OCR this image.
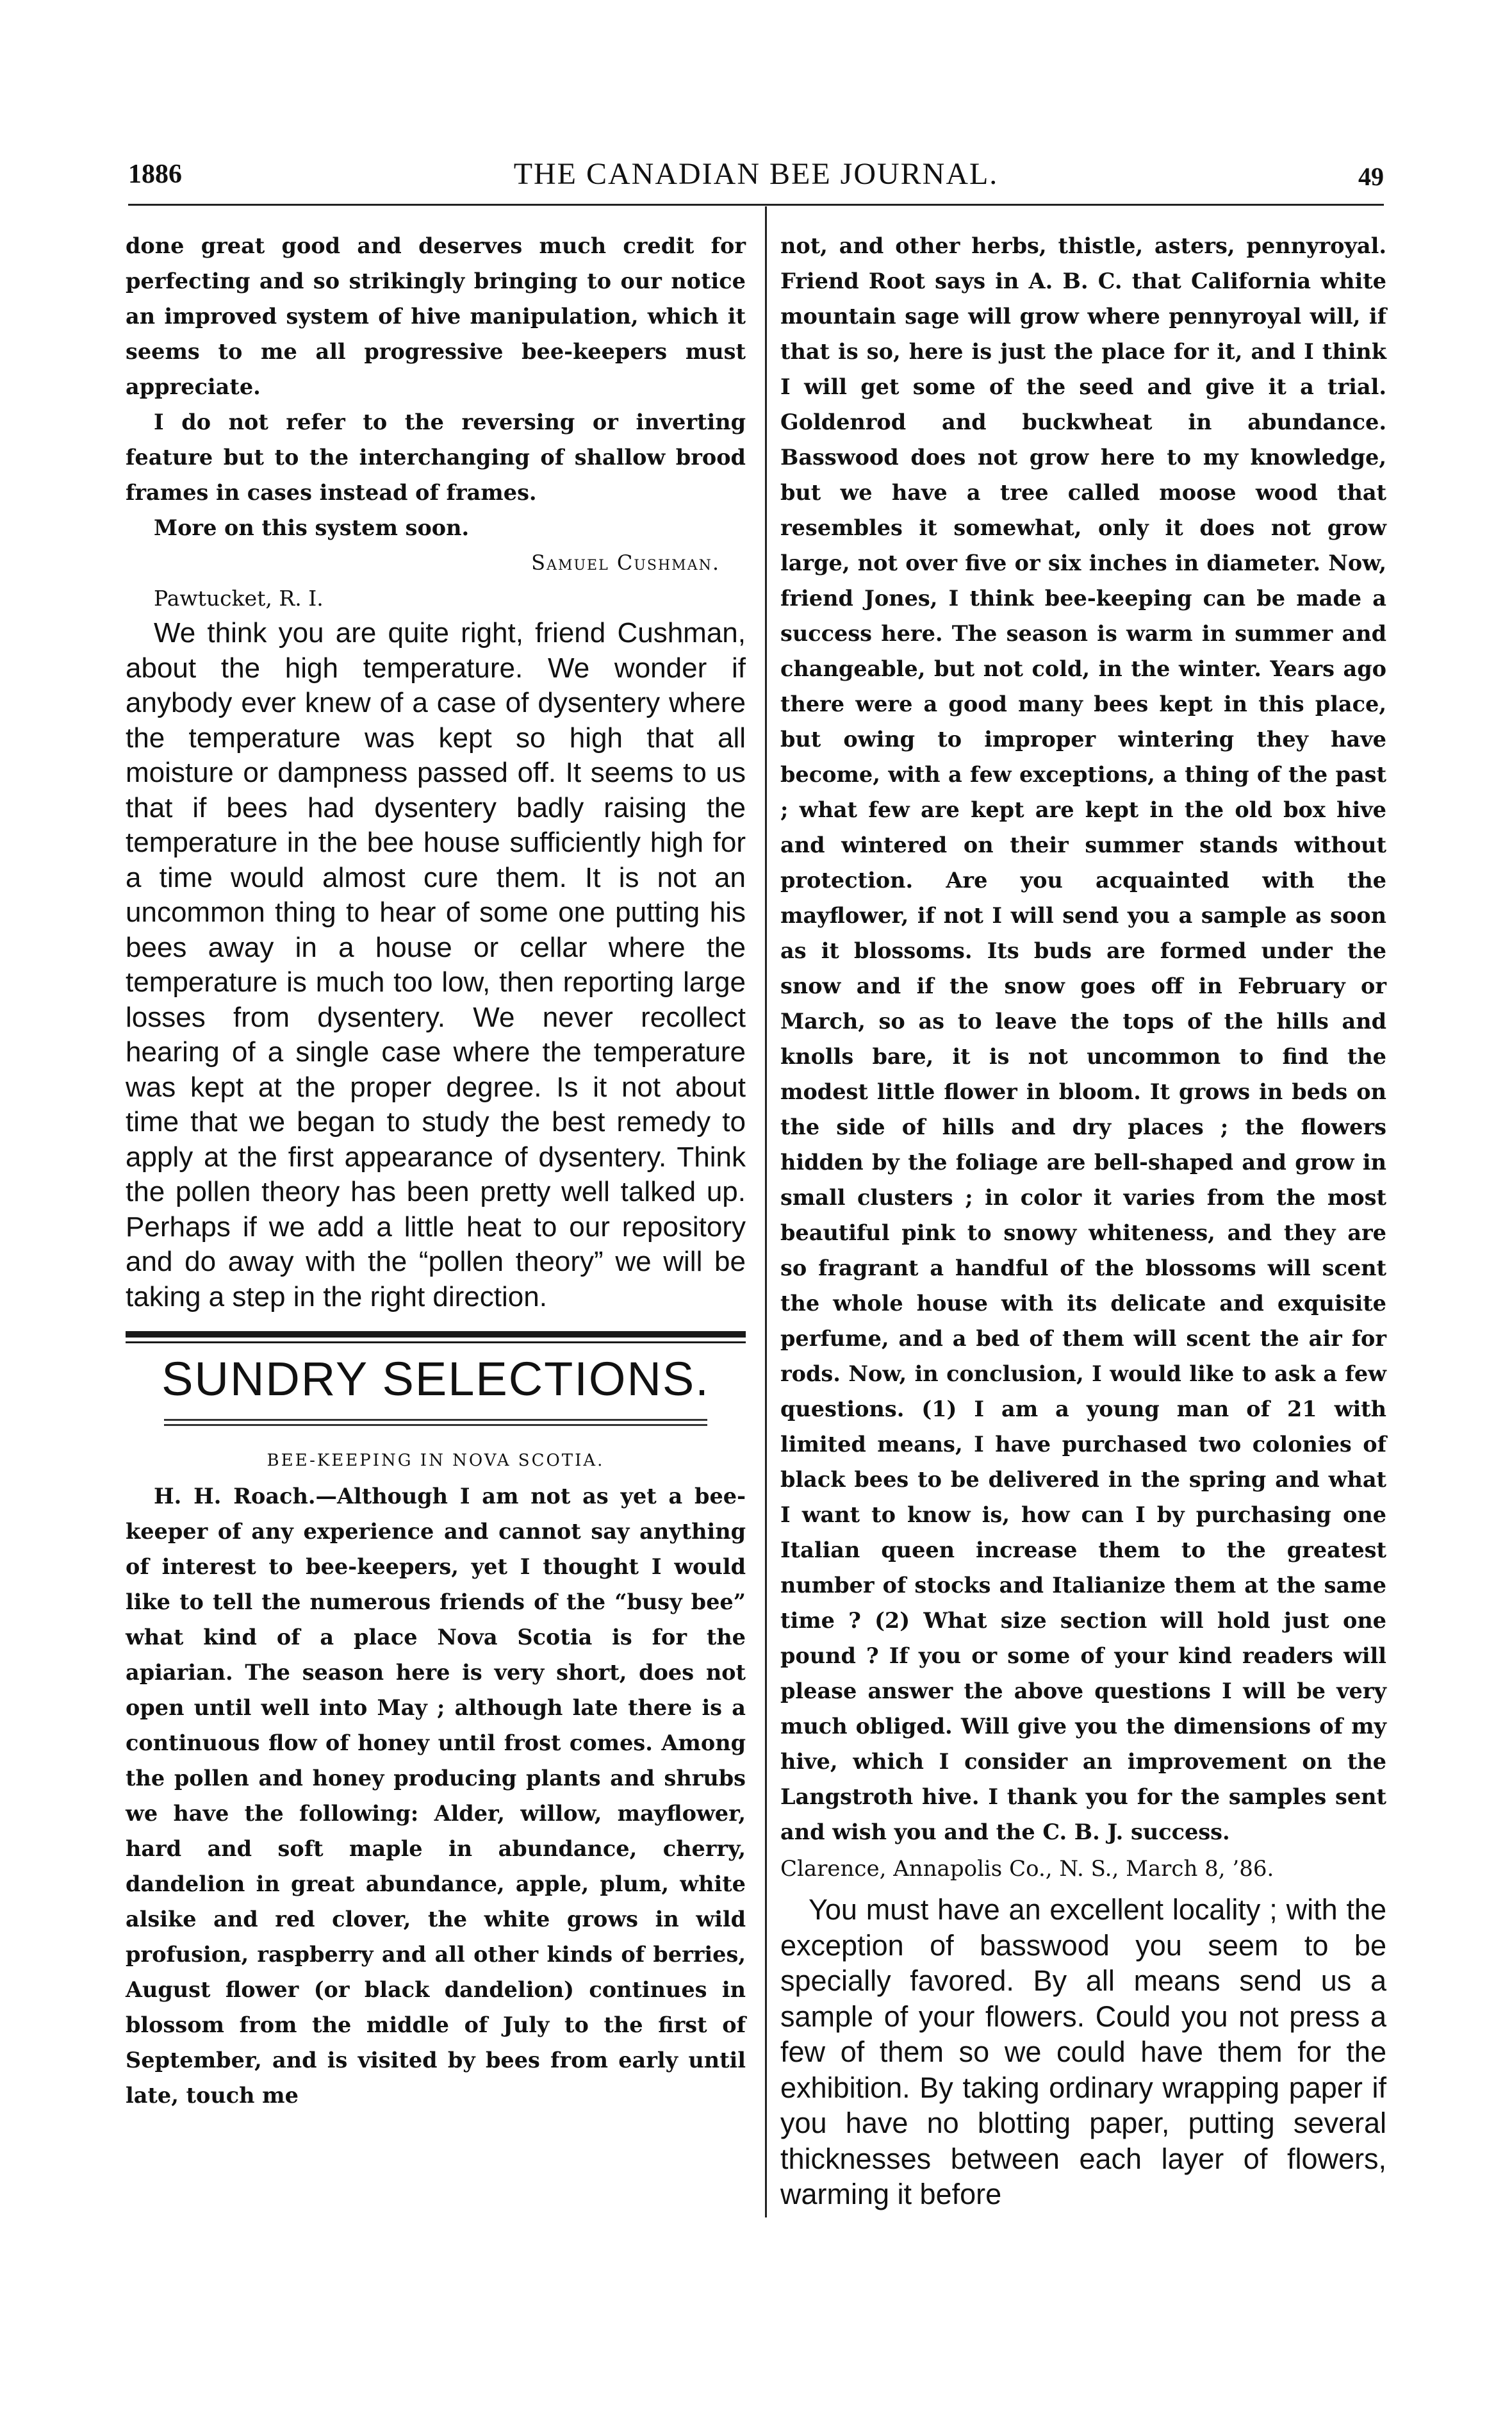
1886	THE CANADIAN BEE JOURNAL.	49

done great good and deserves much credit for perfecting and so strikingly bringing to our notice an improved system of hive manipulation, which it seems to me all progressive bee-keepers must appreciate.

I do not refer to the reversing or inverting feature but to the interchanging of shallow brood frames in cases instead of frames.

More on this system soon.

Samuel Cushman.

Pawtucket, R. I.

We think you are quite right, friend Cushman, about the high temperature. We wonder if anybody ever knew of a case of dysentery where the temperature was kept so high that all moisture or dampness passed off. It seems to us that if bees had dysentery badly raising the temperature in the bee house sufficiently high for a time would almost cure them. It is not an uncommon thing to hear of some one putting his bees away in a house or cellar where the temperature is much too low, then reporting large losses from dysentery. We never recollect hearing of a single case where the temperature was kept at the proper degree. Is it not about time that we began to study the best remedy to apply at the first appearance of dysentery. Think the pollen theory has been pretty well talked up. Perhaps if we add a little heat to our repository and do away with the “pollen theory” we will be taking a step in the right direction.

SUNDRY SELECTIONS.
BEE-KEEPING IN NOVA SCOTIA.

H. H. Roach.—Although I am not as yet a bee-keeper of any experience and cannot say anything of interest to bee-keepers, yet I thought I would like to tell the numerous friends of the “busy bee” what kind of a place Nova Scotia is for the apiarian. The season here is very short, does not open until well into May ; although late there is a continuous flow of honey until frost comes. Among the pollen and honey producing plants and shrubs we have the following: Alder, willow, mayflower, hard and soft maple in abundance, cherry, dandelion in great abundance, apple, plum, white alsike and red clover, the white grows in wild profusion, raspberry and all other kinds of berries, August flower (or black dandelion) continues in blossom from the middle of July to the first of September, and is visited by bees from early until late, touch me

not, and other herbs, thistle, asters, pennyroyal. Friend Root says in A. B. C. that California white mountain sage will grow where pennyroyal will, if that is so, here is just the place for it, and I think I will get some of the seed and give it a trial. Goldenrod and buckwheat in abundance. Basswood does not grow here to my knowledge, but we have a tree called moose wood that resembles it somewhat, only it does not grow large, not over five or six inches in diameter. Now, friend Jones, I think bee-keeping can be made a success here. The season is warm in summer and changeable, but not cold, in the winter. Years ago there were a good many bees kept in this place, but owing to improper wintering they have become, with a few exceptions, a thing of the past ; what few are kept are kept in the old box hive and wintered on their summer stands without protection. Are you acquainted with the mayflower, if not I will send you a sample as soon as it blossoms. Its buds are formed under the snow and if the snow goes off in February or March, so as to leave the tops of the hills and knolls bare, it is not uncommon to find the modest little flower in bloom. It grows in beds on the side of hills and dry places ; the flowers hidden by the foliage are bell-shaped and grow in small clusters ; in color it varies from the most beautiful pink to snowy whiteness, and they are so fragrant a handful of the blossoms will scent the whole house with its delicate and exquisite perfume, and a bed of them will scent the air for rods. Now, in conclusion, I would like to ask a few questions. (1) I am a young man of 21 with limited means, I have purchased two colonies of black bees to be delivered in the spring and what I want to know is, how can I by purchasing one Italian queen increase them to the greatest number of stocks and Italianize them at the same time ? (2) What size section will hold just one pound ? If you or some of your kind readers will please answer the above questions I will be very much obliged. Will give you the dimensions of my hive, which I consider an improvement on the Langstroth hive. I thank you for the samples sent and wish you and the C. B. J. success.

Clarence, Annapolis Co., N. S., March 8, ’86.

You must have an excellent locality ; with the exception of basswood you seem to be specially favored. By all means send us a sample of your flowers. Could you not press a few of them so we could have them for the exhibition. By taking ordinary wrapping paper if you have no blotting paper, putting several thicknesses between each layer of flowers, warming it before
